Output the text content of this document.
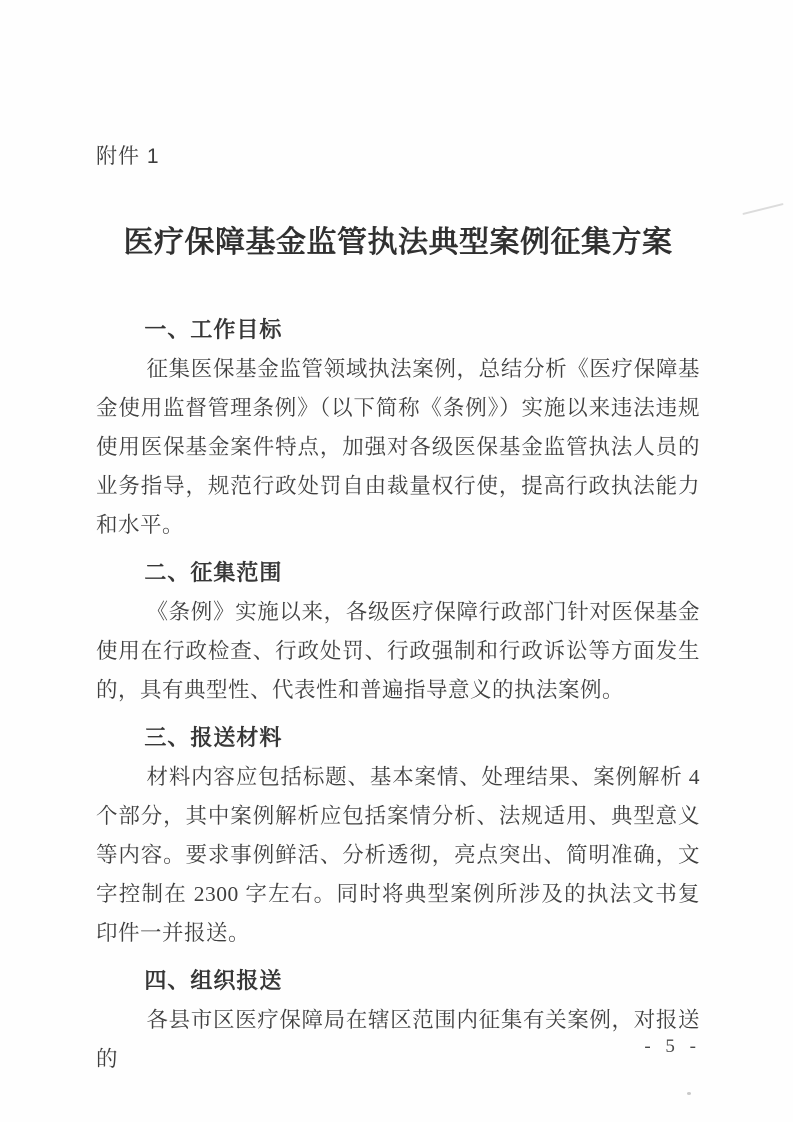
附件 1
医疗保障基金监管执法典型案例征集方案
一、工作目标

征集医保基金监管领域执法案例，总结分析《医疗保障基金使用监督管理条例》（以下简称《条例》）实施以来违法违规使用医保基金案件特点，加强对各级医保基金监管执法人员的业务指导，规范行政处罚自由裁量权行使，提高行政执法能力和水平。

二、征集范围

《条例》实施以来，各级医疗保障行政部门针对医保基金使用在行政检查、行政处罚、行政强制和行政诉讼等方面发生的，具有典型性、代表性和普遍指导意义的执法案例。

三、报送材料

材料内容应包括标题、基本案情、处理结果、案例解析 4 个部分，其中案例解析应包括案情分析、法规适用、典型意义等内容。要求事例鲜活、分析透彻，亮点突出、简明准确，文字控制在 2300 字左右。同时将典型案例所涉及的执法文书复印件一并报送。

四、组织报送

各县市区医疗保障局在辖区范围内征集有关案例，对报送的

- 5 -
